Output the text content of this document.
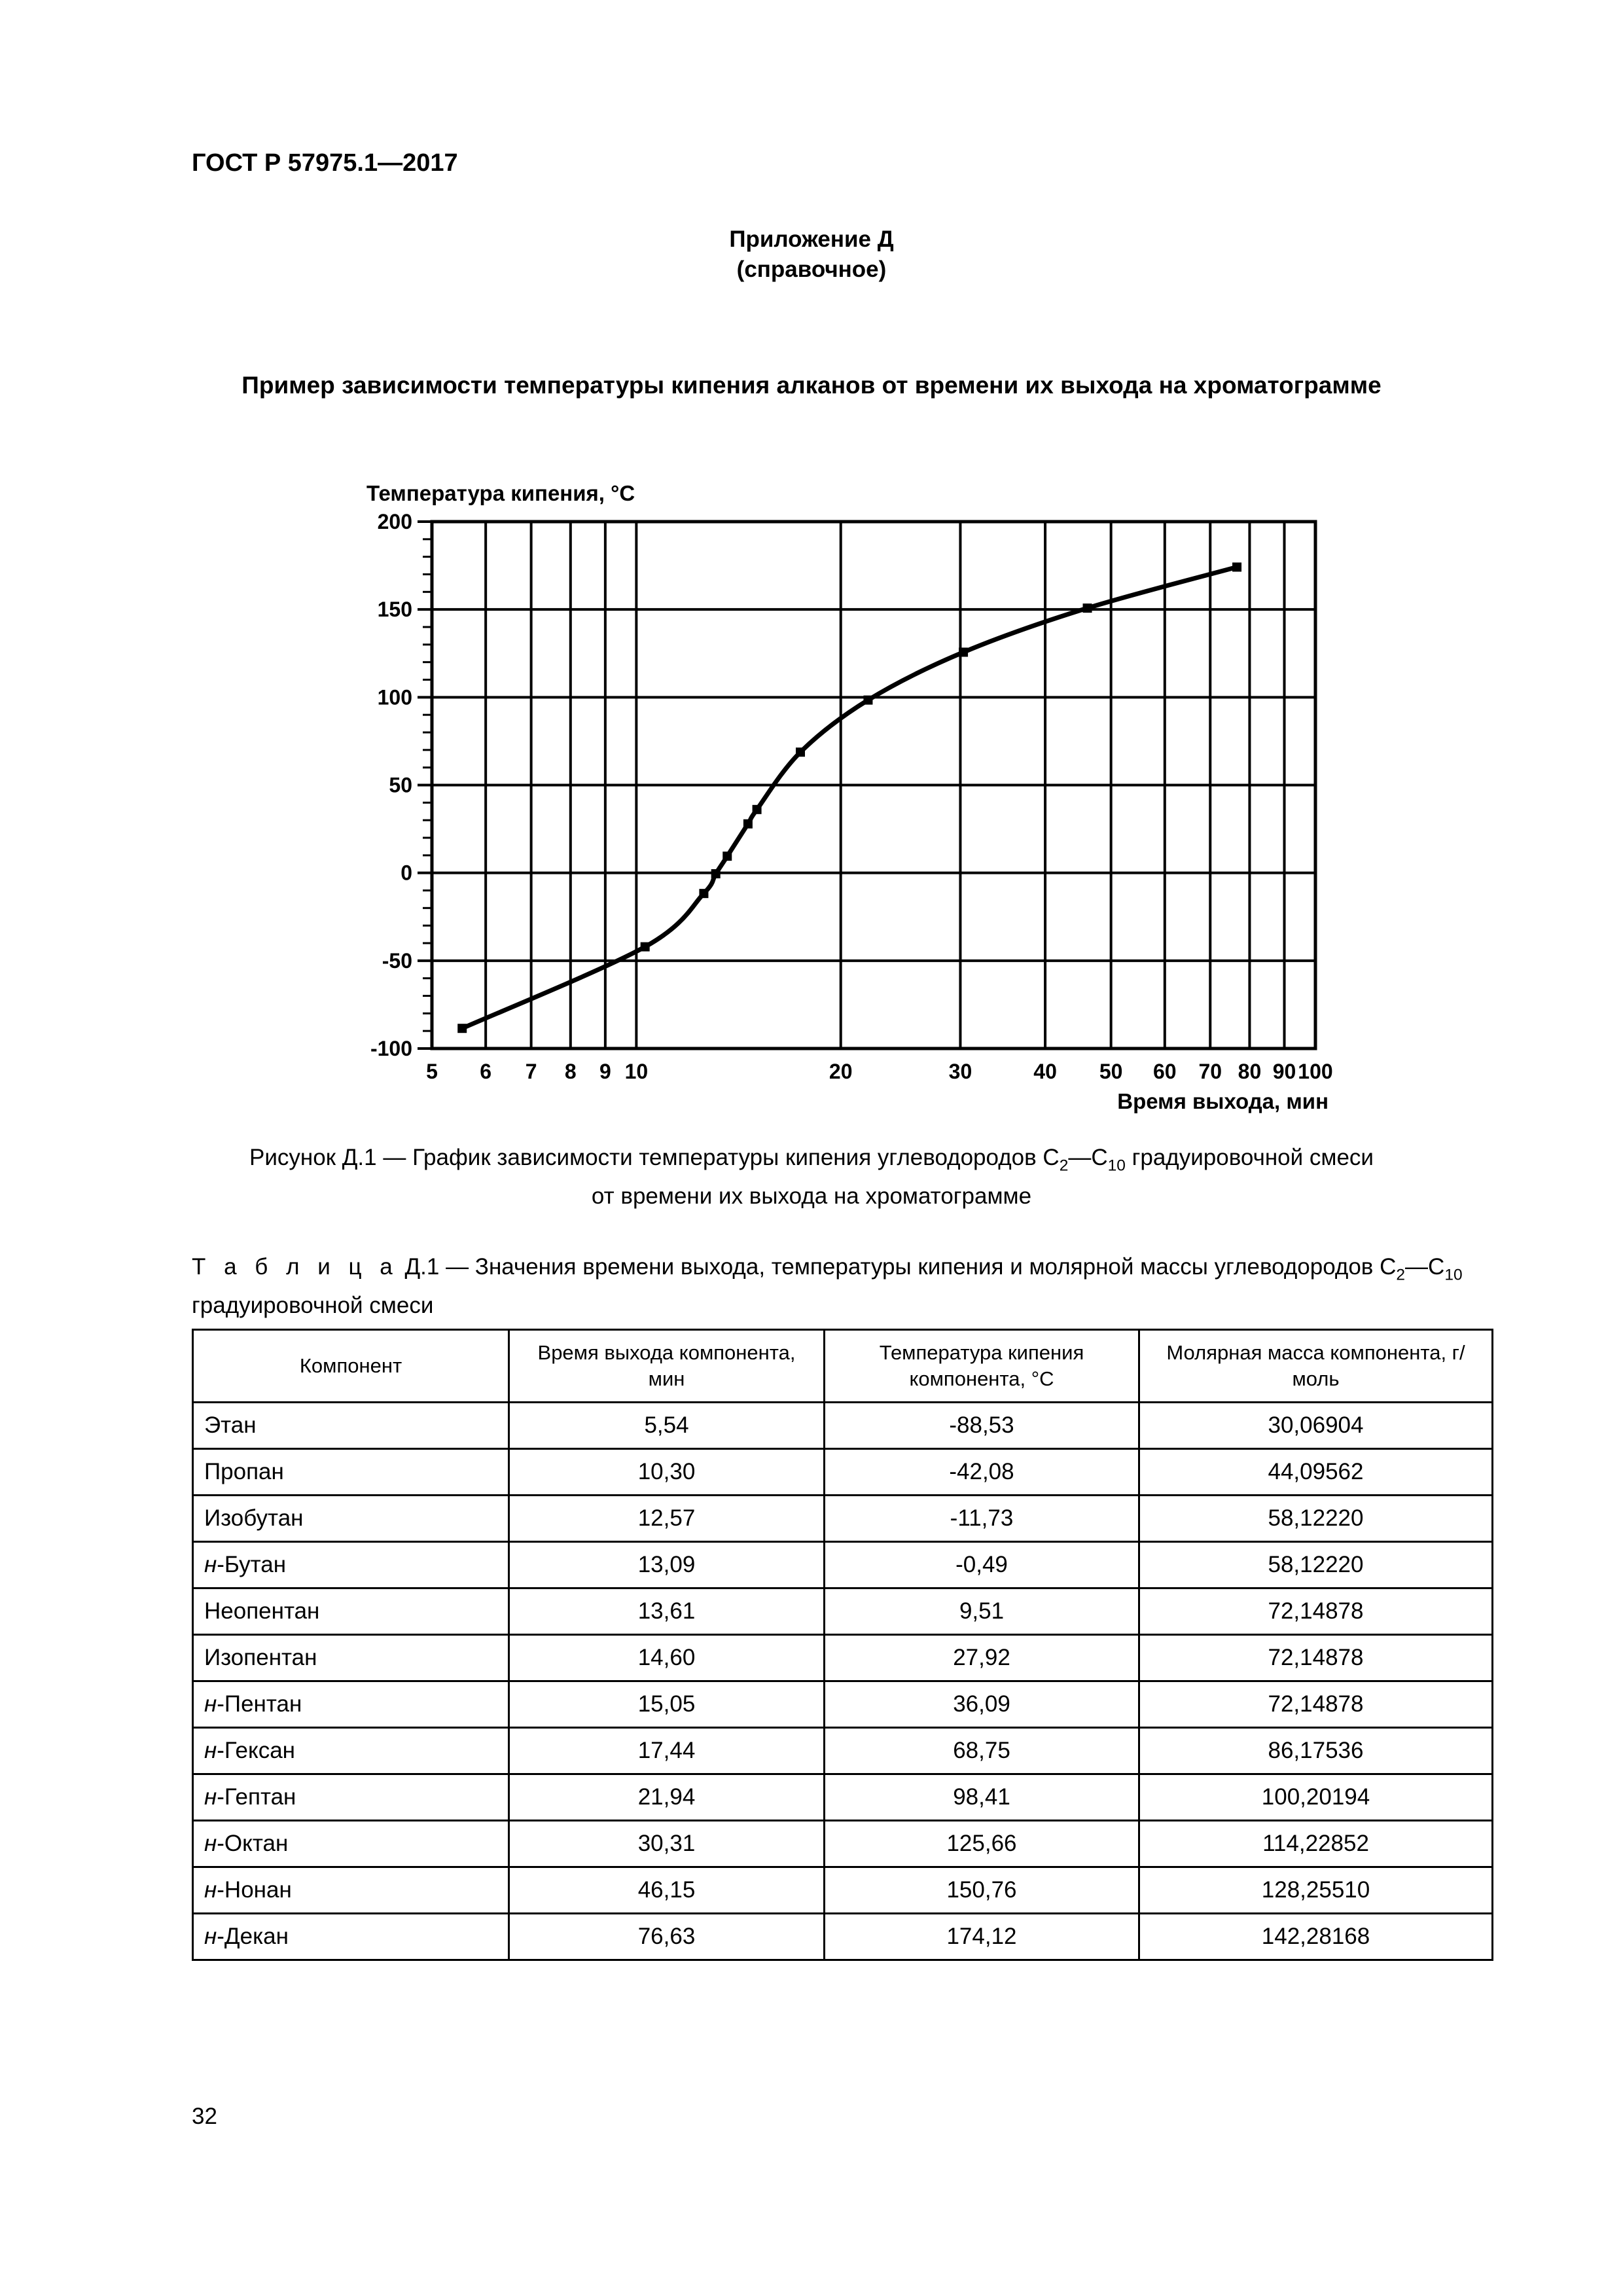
ГОСТ Р 57975.1—2017
Приложение Д
(справочное)
Пример зависимости температуры кипения алканов от времени их выхода на хроматограмме
-100
-50
0
50
100
150
200
5 6 7 8 9 10	20	30	40 50 60 70 80 90 100
Температура кипения, °C
Время выхода, мин
Рисунок Д.1 — График зависимости температуры кипения углеводородов $C_2—C_{10}$ градуировочной смеси
от времени их выхода на хроматограмме
Т а б л и ц а Д.1 — Значения времени выхода, температуры кипения и молярной массы углеводородов $C_2—C_{10}$
градуировочной смеси
Компонент	Время выхода компонента, мин	Температура кипения компонента, °C	Молярная масса компонента, г/моль
Этан	5,54	-88,53	30,06904
Пропан	10,30	-42,08	44,09562
Изобутан	12,57	-11,73	58,12220
н-Бутан	13,09	-0,49	58,12220
Неопентан	13,61	9,51	72,14878
Изопентан	14,60	27,92	72,14878
н-Пентан	15,05	36,09	72,14878
н-Гексан	17,44	68,75	86,17536
н-Гептан	21,94	98,41	100,20194
н-Октан	30,31	125,66	114,22852
н-Нонан	46,15	150,76	128,25510
н-Декан	76,63	174,12	142,28168
32
